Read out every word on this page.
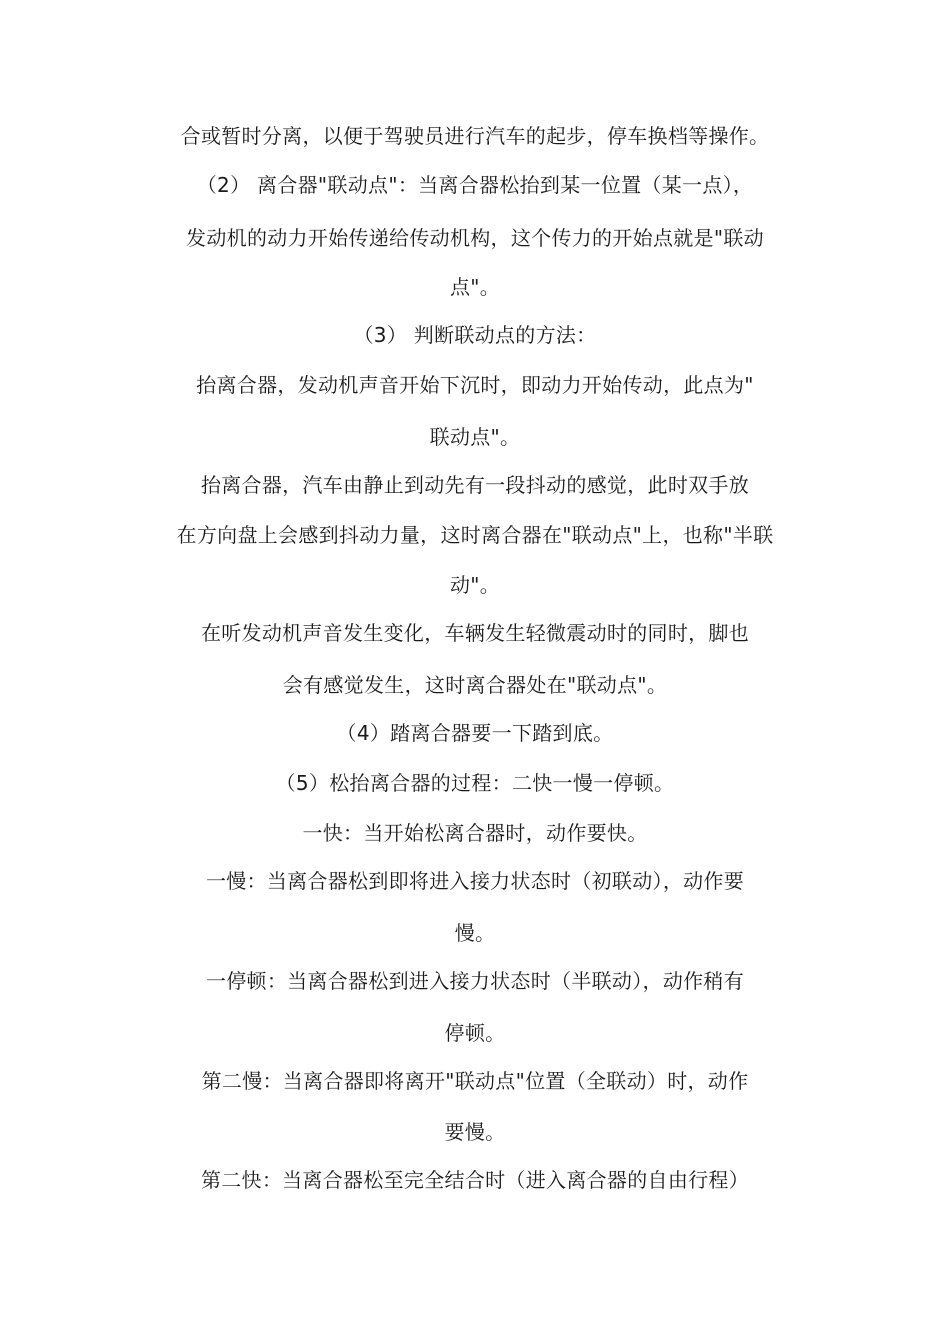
合或暂时分离，以便于驾驶员进行汽车的起步，停车换档等操作。
（2） 离合器"联动点"：当离合器松抬到某一位置（某一点），
发动机的动力开始传递给传动机构，这个传力的开始点就是"联动
点"。
（3） 判断联动点的方法：
抬离合器，发动机声音开始下沉时，即动力开始传动，此点为"
联动点"。
抬离合器，汽车由静止到动先有一段抖动的感觉，此时双手放
在方向盘上会感到抖动力量，这时离合器在"联动点"上，也称"半联
动"。
在听发动机声音发生变化，车辆发生轻微震动时的同时，脚也
会有感觉发生，这时离合器处在"联动点"。
（4）踏离合器要一下踏到底。
（5）松抬离合器的过程：二快一慢一停顿。
一快：当开始松离合器时，动作要快。
一慢：当离合器松到即将进入接力状态时（初联动），动作要
慢。
一停顿：当离合器松到进入接力状态时（半联动），动作稍有
停顿。
第二慢：当离合器即将离开"联动点"位置（全联动）时，动作
要慢。
第二快：当离合器松至完全结合时（进入离合器的自由行程）
